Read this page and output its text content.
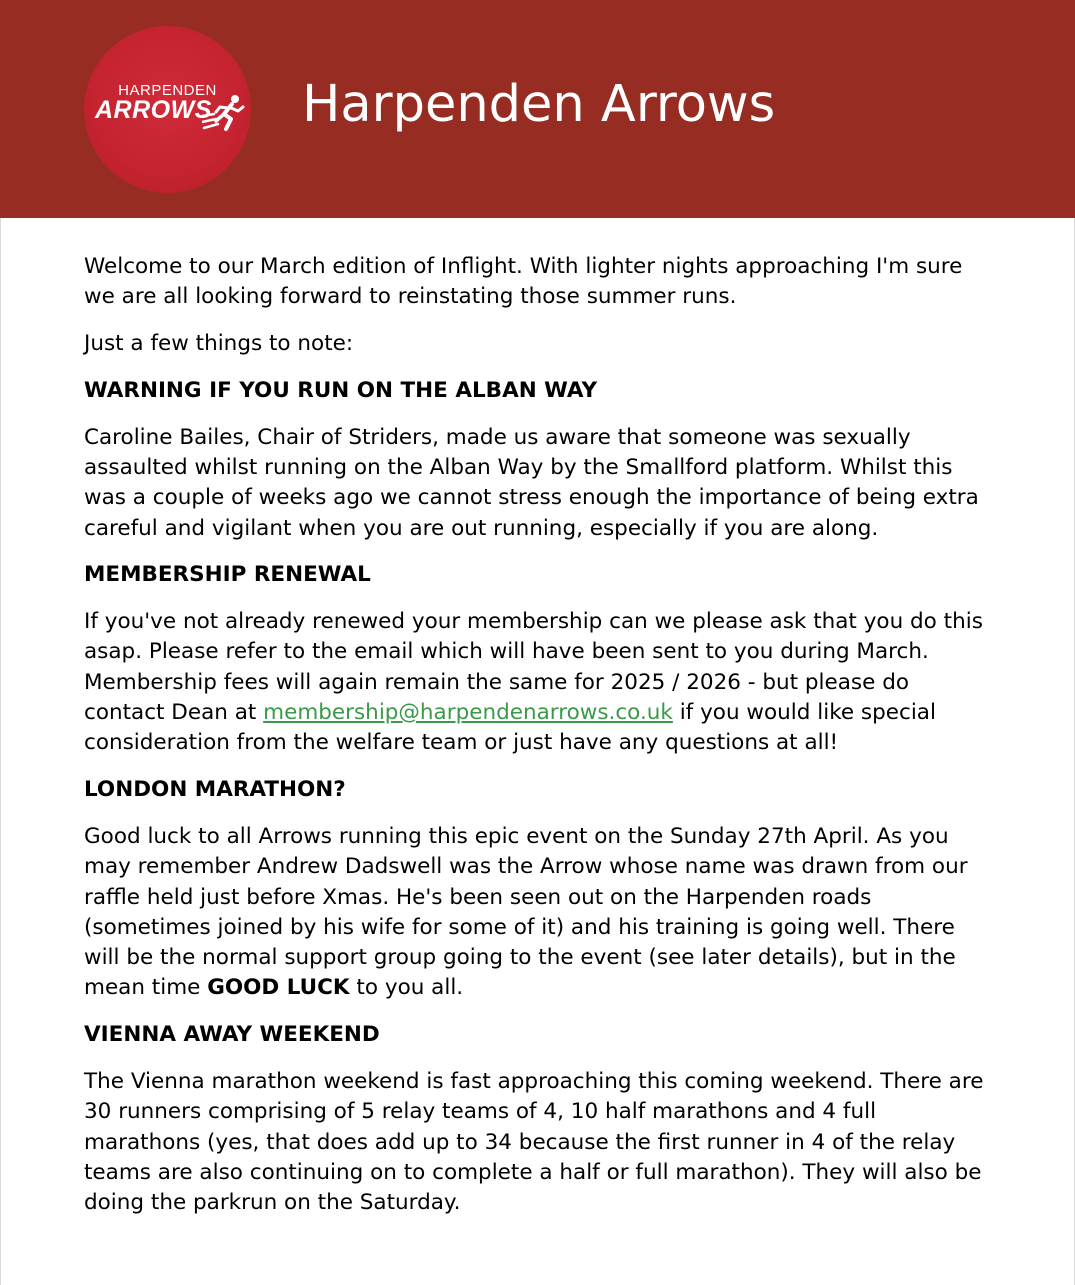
HARPENDEN
ARROWS Harpenden Arrows

Welcome to our March edition of Inflight. With lighter nights approaching I'm sure we are all looking forward to reinstating those summer runs.

Just a few things to note:

WARNING IF YOU RUN ON THE ALBAN WAY

Caroline Bailes, Chair of Striders, made us aware that someone was sexually assaulted whilst running on the Alban Way by the Smallford platform. Whilst this was a couple of weeks ago we cannot stress enough the importance of being extra careful and vigilant when you are out running, especially if you are along.

MEMBERSHIP RENEWAL

If you've not already renewed your membership can we please ask that you do this asap. Please refer to the email which will have been sent to you during March. Membership fees will again remain the same for 2025 / 2026 - but please do contact Dean at membership@harpendenarrows.co.uk if you would like special consideration from the welfare team or just have any questions at all!

LONDON MARATHON?

Good luck to all Arrows running this epic event on the Sunday 27th April. As you may remember Andrew Dadswell was the Arrow whose name was drawn from our raffle held just before Xmas. He's been seen out on the Harpenden roads (sometimes joined by his wife for some of it) and his training is going well. There will be the normal support group going to the event (see later details), but in the mean time GOOD LUCK to you all.

VIENNA AWAY WEEKEND

The Vienna marathon weekend is fast approaching this coming weekend. There are 30 runners comprising of 5 relay teams of 4, 10 half marathons and 4 full marathons (yes, that does add up to 34 because the first runner in 4 of the relay teams are also continuing on to complete a half or full marathon). They will also be doing the parkrun on the Saturday.
